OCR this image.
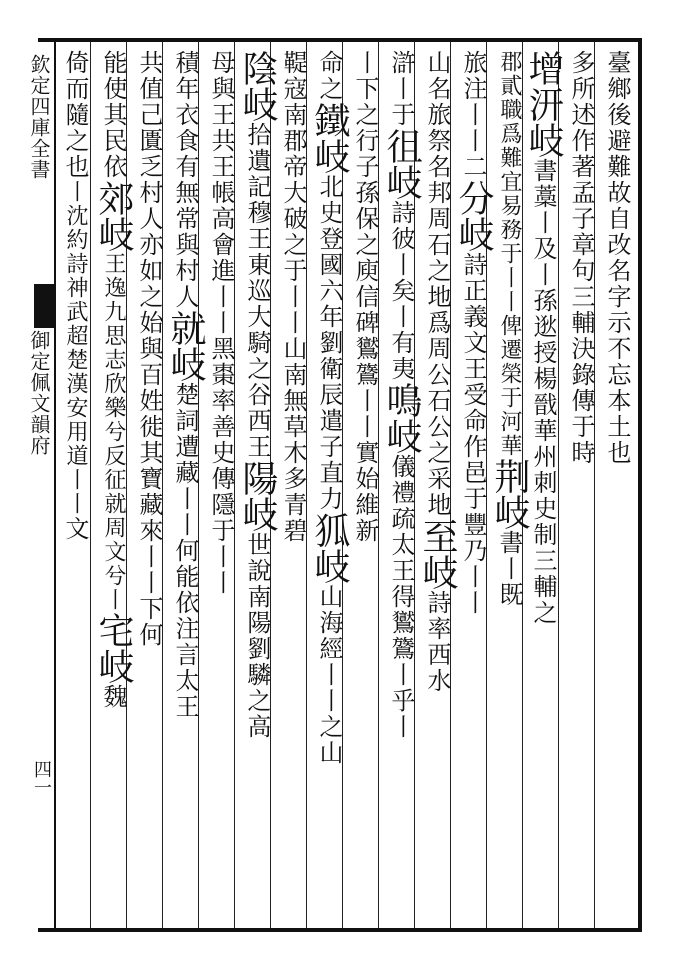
欽定四庫全書
御定佩文韻府
四一
臺鄉後避難故自改名字示不忘本土也
多所述作著孟子章句三輔決錄傳于時
增汧岐書藁丨及丨孫逖授楊戩華州刺史制三輔之
郡貳職爲難宜易務于丨丨俾遷榮于河華荆岐書丨既
旅注丨丨二分岐詩正義文王受命作邑于豐乃丨丨
山名旅祭名邦周石之地爲周公石公之采地至岐詩率西水
滸丨于徂岐詩彼丨矣丨有夷鳴岐儀禮疏太王得鸑鷟丨乎丨
丨下之行子孫保之庾信碑鸑鷟丨丨實始維新
命之鐵岐北史登國六年劉衛辰遣子直力狐岐山海經丨丨之山
鞮寇南郡帝大破之于丨丨山南無草木多青碧
陰岐拾遺記穆王東巡大騎之谷西王陽岐世說南陽劉驎之高
母與王共王帳高會進丨丨黑棗率善史傳隱于丨丨
積年衣食有無常與村人就岐楚詞遭藏丨丨何能依注言太王
共值己匱乏村人亦如之始與百姓徙其寶藏來丨丨下何
能使其民依郊岐王逸九思志欣樂兮反征就周文兮丨宅岐魏
倚而隨之也丨沈約詩神武超楚漢安用道丨丨文
